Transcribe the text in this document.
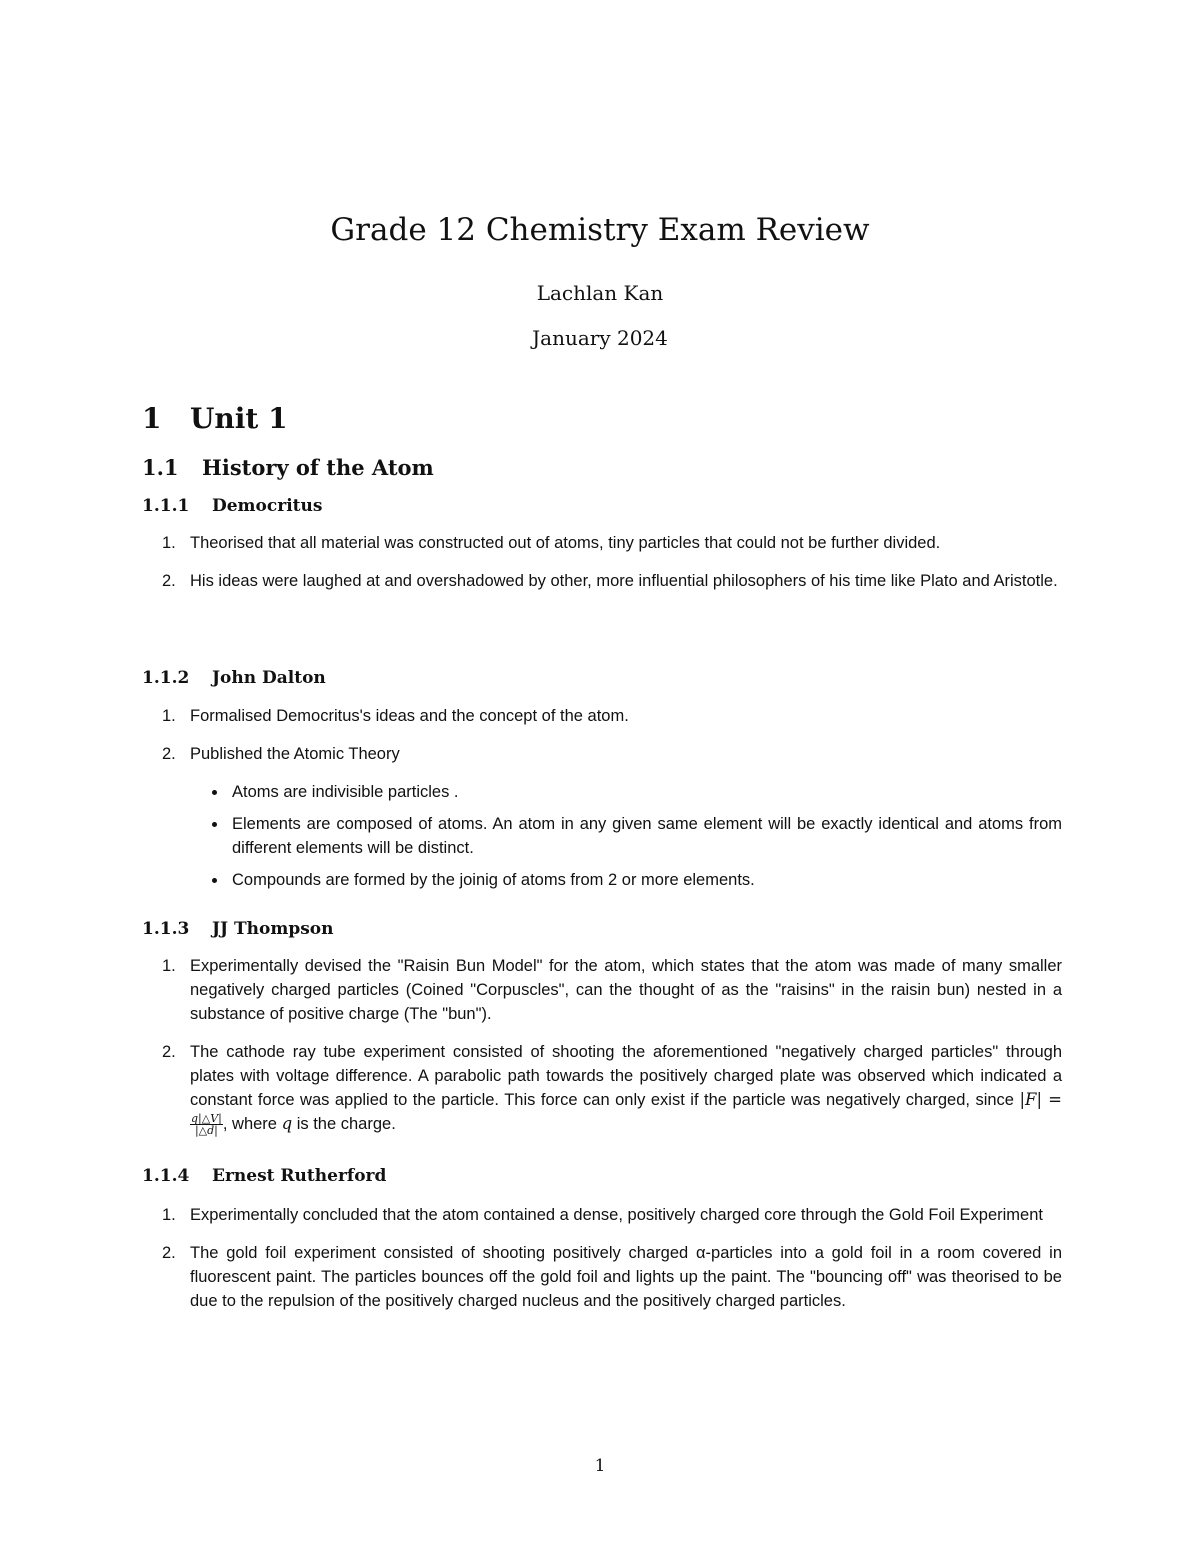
Grade 12 Chemistry Exam Review
Lachlan Kan
January 2024
1 Unit 1
1.1 History of the Atom
1.1.1 Democritus
1. Theorised that all material was constructed out of atoms, tiny particles that could not be further divided.
2. His ideas were laughed at and overshadowed by other, more influential philosophers of his time like Plato and Aristotle.
1.1.2 John Dalton
1. Formalised Democritus's ideas and the concept of the atom.
2. Published the Atomic Theory
Atoms are indivisible particles .
Elements are composed of atoms. An atom in any given same element will be exactly identical and atoms from different elements will be distinct.
Compounds are formed by the joinig of atoms from 2 or more elements.
1.1.3 JJ Thompson
1. Experimentally devised the "Raisin Bun Model" for the atom, which states that the atom was made of many smaller negatively charged particles (Coined "Corpuscles", can the thought of as the "raisins" in the raisin bun) nested in a substance of positive charge (The "bun").
2. The cathode ray tube experiment consisted of shooting the aforementioned "negatively charged particles" through plates with voltage difference. A parabolic path towards the positively charged plate was observed which indicated a constant force was applied to the particle. This force can only exist if the particle was negatively charged, since |F| =
$\frac{q|\triangle V|}{|\triangle d|}$ , where q is the charge.
1.1.4 Ernest Rutherford
1. Experimentally concluded that the atom contained a dense, positively charged core through the Gold Foil Experiment
2. The gold foil experiment consisted of shooting positively charged α-particles into a gold foil in a room covered in fluorescent paint. The particles bounces off the gold foil and lights up the paint. The "bouncing off" was theorised to be due to the repulsion of the positively charged nucleus and the positively charged particles.
1
